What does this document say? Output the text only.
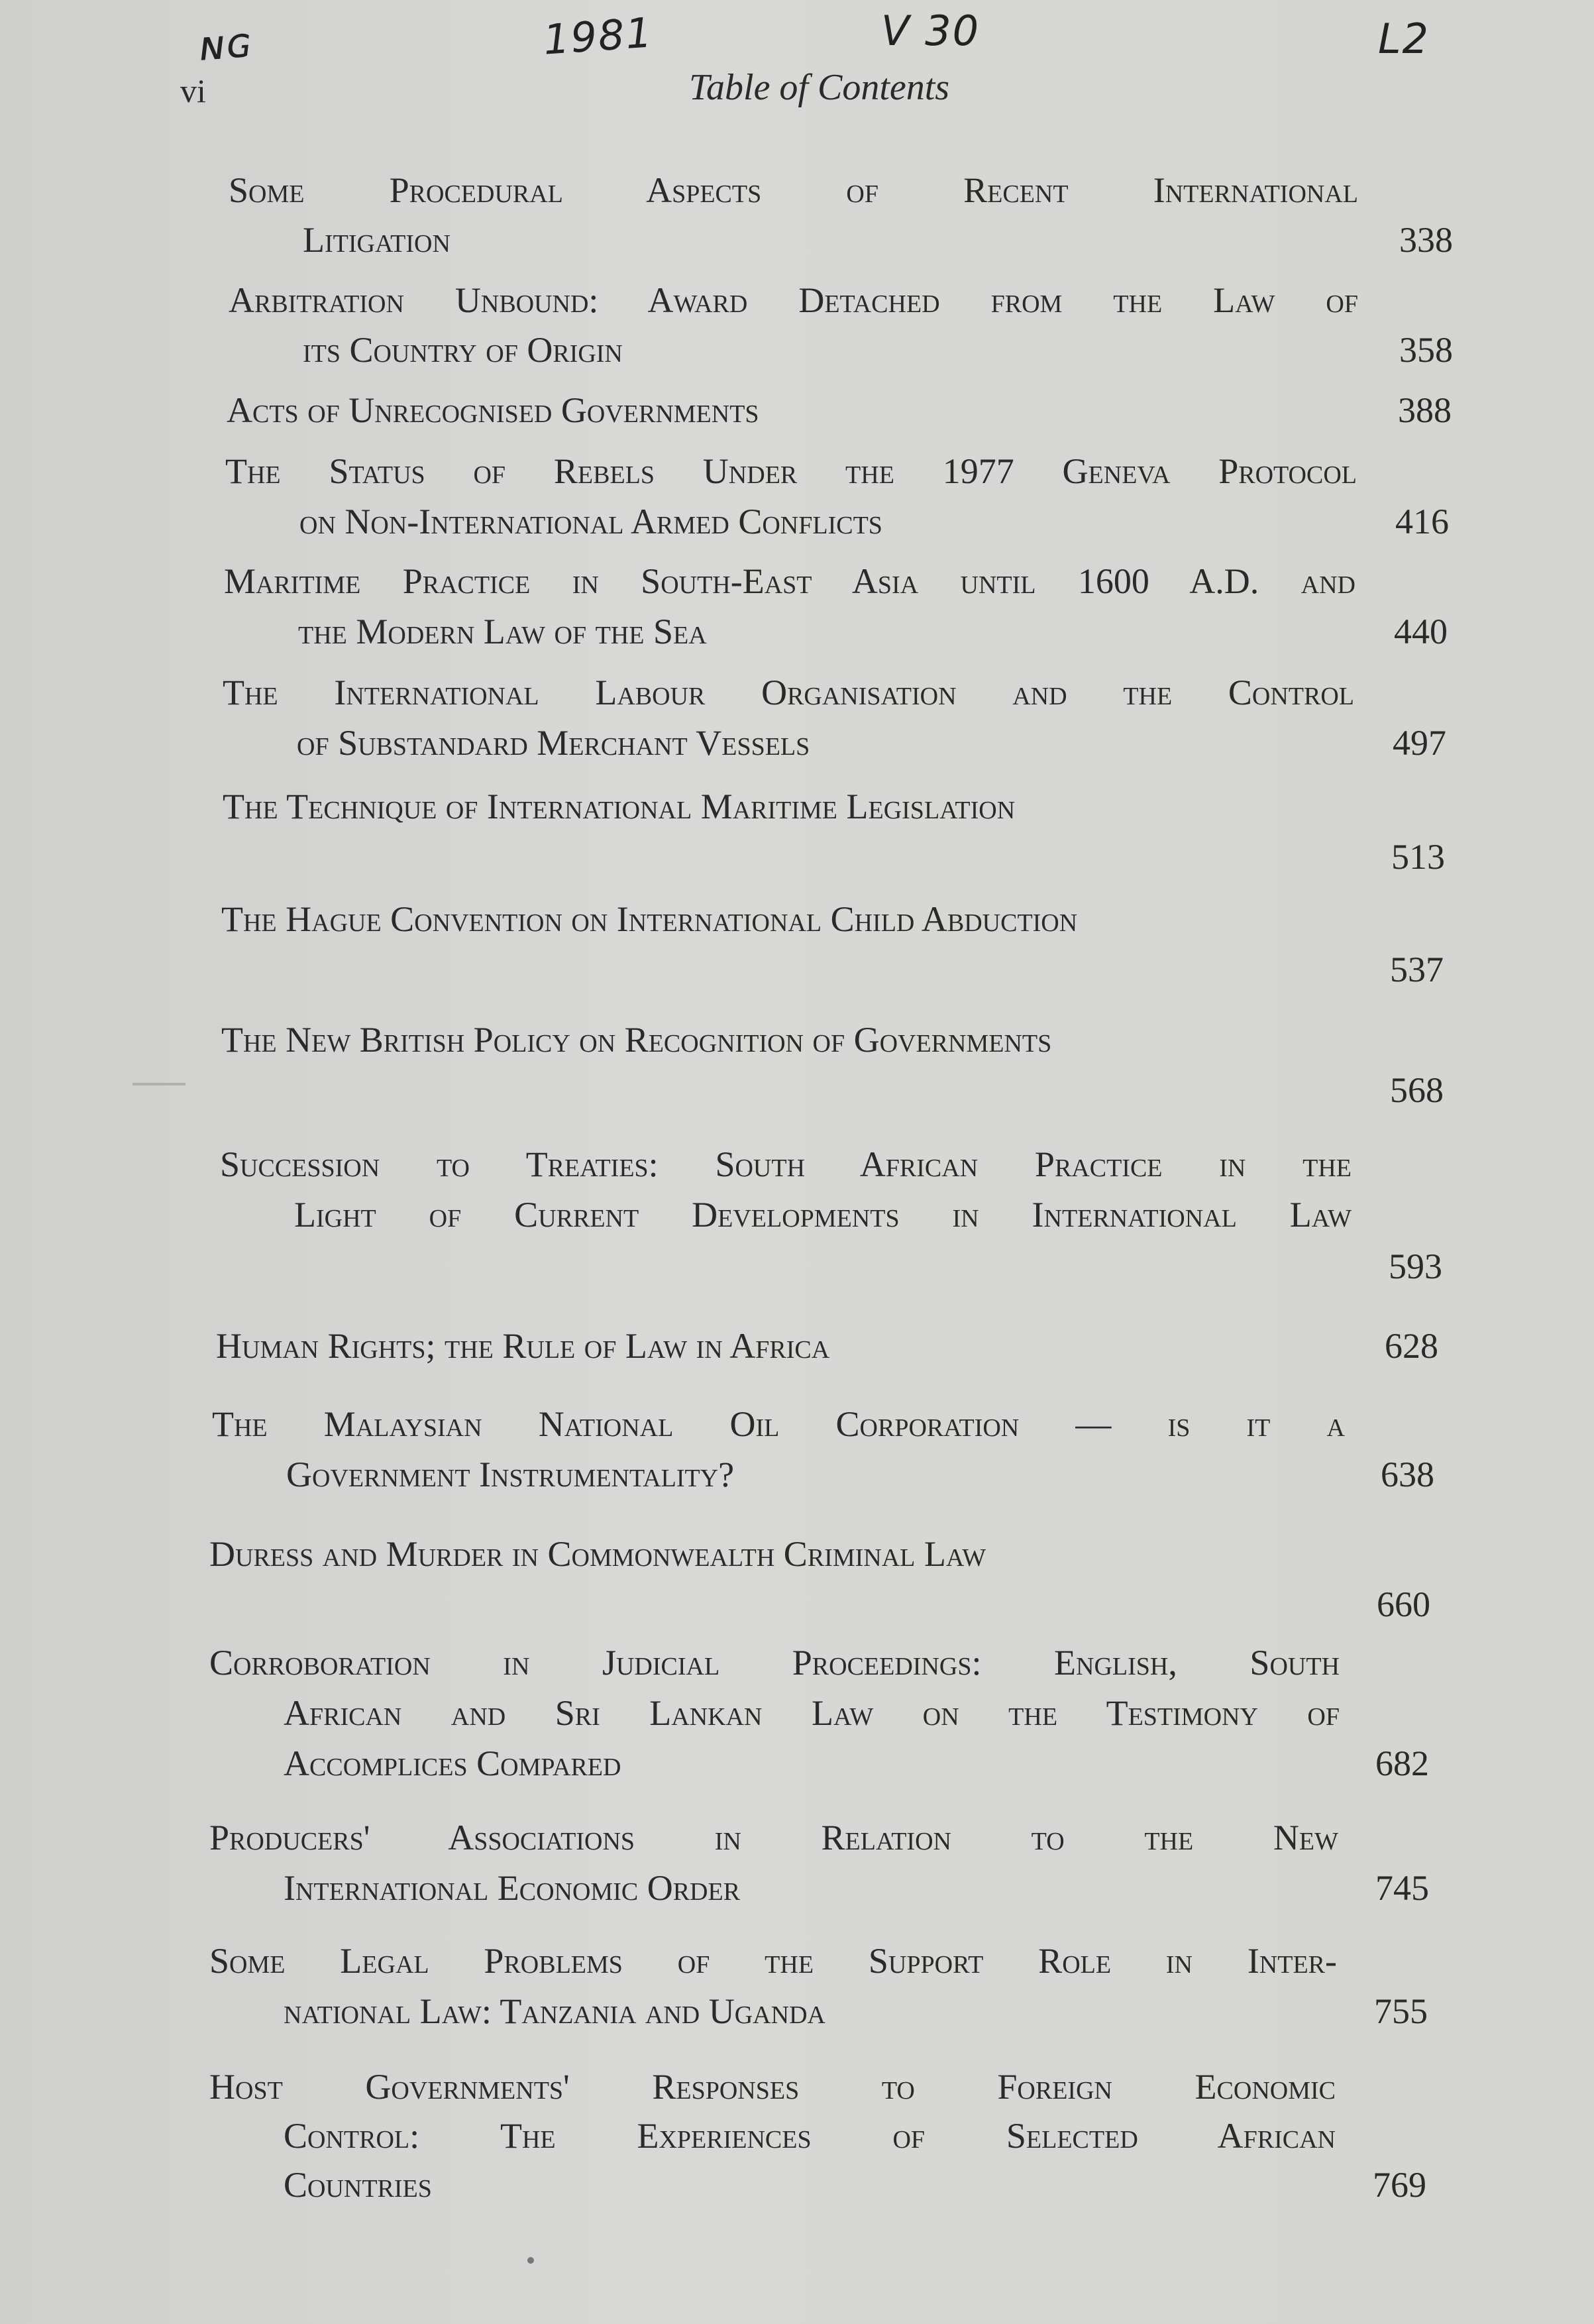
ɴɢ	1981	V 30	L2
vi	Table of Contents
Some Procedural Aspects of Recent International
Litigation	338
Arbitration Unbound: Award Detached from the Law of
its Country of Origin	358
Acts of Unrecognised Governments	388
The Status of Rebels Under the 1977 Geneva Protocol
on Non-International Armed Conflicts	416
Maritime Practice in South-East Asia until 1600 A.D. and
the Modern Law of the Sea	440
The International Labour Organisation and the Control
of Substandard Merchant Vessels	497
The Technique of International Maritime Legislation
513
The Hague Convention on International Child Abduction
537
The New British Policy on Recognition of Governments
568
Succession to Treaties: South African Practice in the
Light of Current Developments in International Law
593
Human Rights; the Rule of Law in Africa	628
The Malaysian National Oil Corporation — is it a
Government Instrumentality?	638
Duress and Murder in Commonwealth Criminal Law
660
Corroboration in Judicial Proceedings: English, South
African and Sri Lankan Law on the Testimony of
Accomplices Compared	682
Producers' Associations in Relation to the New
International Economic Order	745
Some Legal Problems of the Support Role in Inter-
national Law: Tanzania and Uganda	755
Host Governments' Responses to Foreign Economic
Control: The Experiences of Selected African
Countries	769
